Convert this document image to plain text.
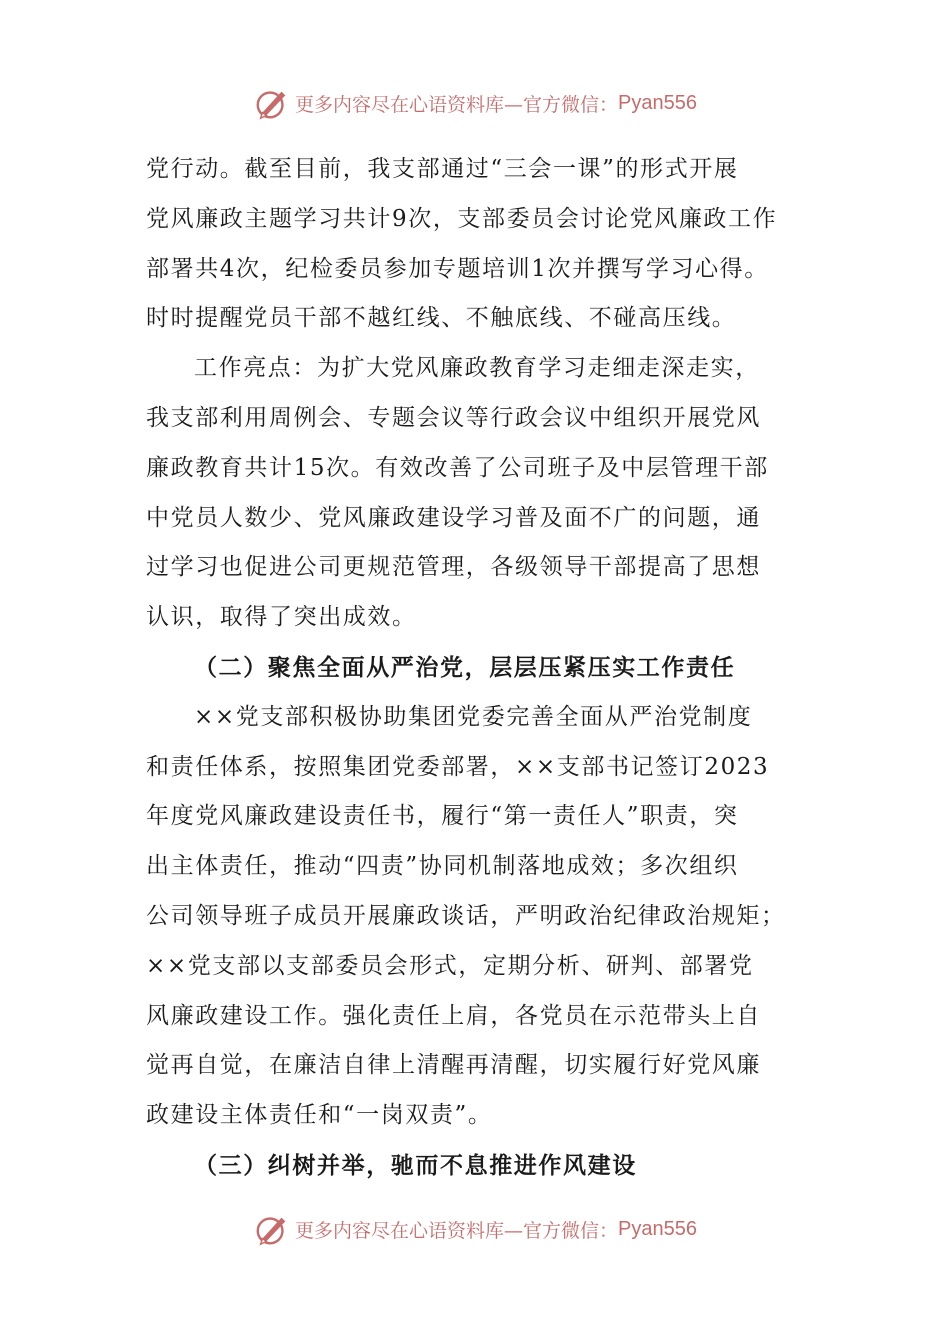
更多内容尽在心语资料库—官方微信： Pyan556
党行动。截至目前，我支部通过“三会一课”的形式开展
党风廉政主题学习共计9次，支部委员会讨论党风廉政工作
部署共4次，纪检委员参加专题培训1次并撰写学习心得。
时时提醒党员干部不越红线、不触底线、不碰高压线。
工作亮点：为扩大党风廉政教育学习走细走深走实，
我支部利用周例会、专题会议等行政会议中组织开展党风
廉政教育共计15次。有效改善了公司班子及中层管理干部
中党员人数少、党风廉政建设学习普及面不广的问题，通
过学习也促进公司更规范管理，各级领导干部提高了思想
认识，取得了突出成效。
（二）聚焦全面从严治党，层层压紧压实工作责任
××党支部积极协助集团党委完善全面从严治党制度
和责任体系，按照集团党委部署，××支部书记签订2023
年度党风廉政建设责任书，履行“第一责任人”职责，突
出主体责任，推动“四责”协同机制落地成效；多次组织
公司领导班子成员开展廉政谈话，严明政治纪律政治规矩；
××党支部以支部委员会形式，定期分析、研判、部署党
风廉政建设工作。强化责任上肩，各党员在示范带头上自
觉再自觉，在廉洁自律上清醒再清醒，切实履行好党风廉
政建设主体责任和“一岗双责”。
（三）纠树并举，驰而不息推进作风建设
更多内容尽在心语资料库—官方微信： Pyan556
